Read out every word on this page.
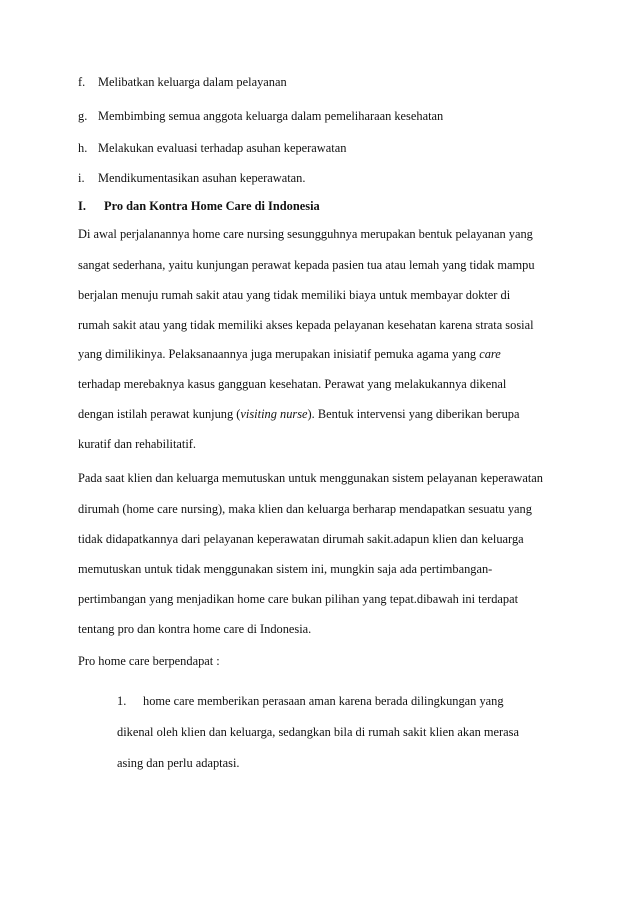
f. Melibatkan keluarga dalam pelayanan
g. Membimbing semua anggota keluarga dalam pemeliharaan kesehatan
h. Melakukan evaluasi terhadap asuhan keperawatan
i. Mendikumentasikan asuhan keperawatan.
I. Pro dan Kontra Home Care di Indonesia
Di awal perjalanannya home care nursing sesungguhnya merupakan bentuk pelayanan yang
sangat sederhana, yaitu kunjungan perawat kepada pasien tua atau lemah yang tidak mampu
berjalan menuju rumah sakit atau yang tidak memiliki biaya untuk membayar dokter di
rumah sakit atau yang tidak memiliki akses kepada pelayanan kesehatan karena strata sosial
yang dimilikinya. Pelaksanaannya juga merupakan inisiatif pemuka agama yang care
terhadap merebaknya kasus gangguan kesehatan. Perawat yang melakukannya dikenal
dengan istilah perawat kunjung (visiting nurse). Bentuk intervensi yang diberikan berupa
kuratif dan rehabilitatif.
Pada saat klien dan keluarga memutuskan untuk menggunakan sistem pelayanan keperawatan
dirumah (home care nursing), maka klien dan keluarga berharap mendapatkan sesuatu yang
tidak didapatkannya dari pelayanan keperawatan dirumah sakit.adapun klien dan keluarga
memutuskan untuk tidak menggunakan sistem ini, mungkin saja ada pertimbangan-
pertimbangan yang menjadikan home care bukan pilihan yang tepat.dibawah ini terdapat
tentang pro dan kontra home care di Indonesia.
Pro home care berpendapat :
1. home care memberikan perasaan aman karena berada dilingkungan yang
dikenal oleh klien dan keluarga, sedangkan bila di rumah sakit klien akan merasa
asing dan perlu adaptasi.
